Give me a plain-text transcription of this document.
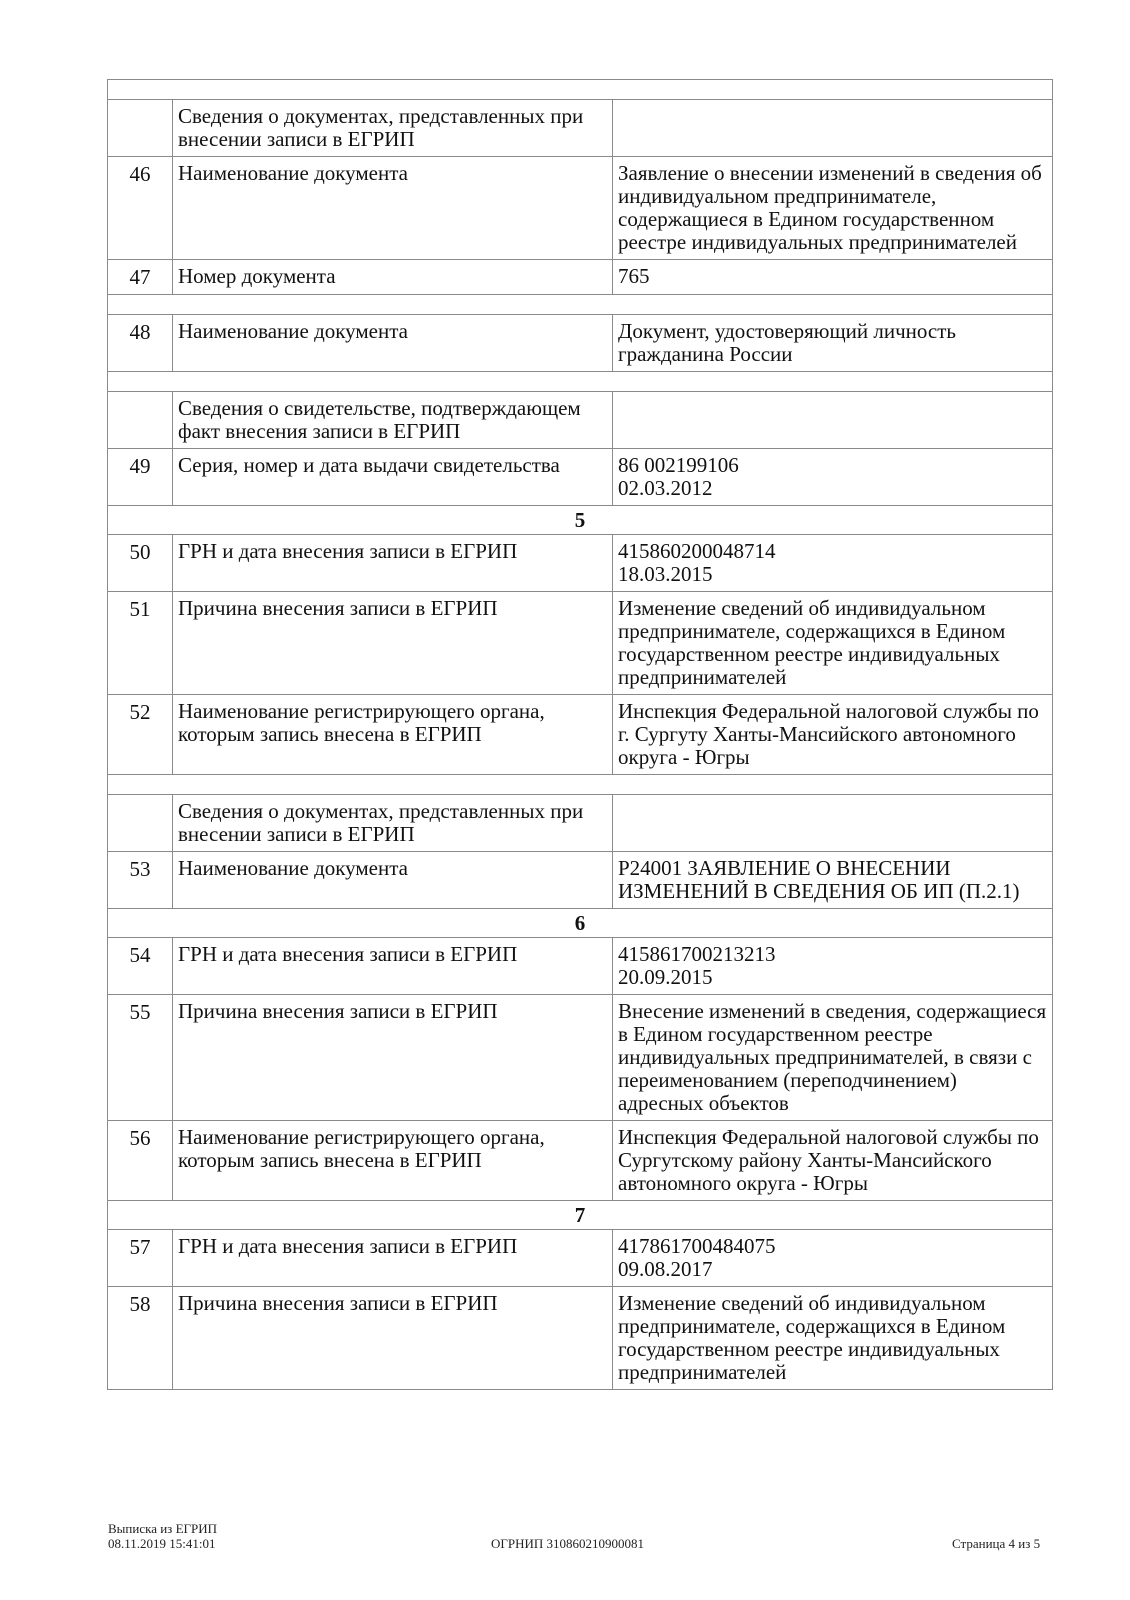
	Сведения о документах, представленных при внесении записи в ЕГРИП	
46	Наименование документа	Заявление о внесении изменений в сведения об индивидуальном предпринимателе, содержащиеся в Едином государственном реестре индивидуальных предпринимателей

47	Номер документа	765

48	Наименование документа	Документ, удостоверяющий личность гражданина России

	Сведения о свидетельстве, подтверждающем факт внесения записи в ЕГРИП	
49	Серия, номер и дата выдачи свидетельства	86 002199106
02.03.2012

5		
50	ГРН и дата внесения записи в ЕГРИП	415860200048714
18.03.2015

51	Причина внесения записи в ЕГРИП	Изменение сведений об индивидуальном предпринимателе, содержащихся в Едином государственном реестре индивидуальных предпринимателей

52	Наименование регистрирующего органа, которым запись внесена в ЕГРИП	Инспекция Федеральной налоговой службы по г. Сургуту Ханты-Мансийского автономного округа - Югры

	Сведения о документах, представленных при внесении записи в ЕГРИП	
53	Наименование документа	Р24001 ЗАЯВЛЕНИЕ О ВНЕСЕНИИ ИЗМЕНЕНИЙ В СВЕДЕНИЯ ОБ ИП (П.2.1)

6		
54	ГРН и дата внесения записи в ЕГРИП	415861700213213
20.09.2015

55	Причина внесения записи в ЕГРИП	Внесение изменений в сведения, содержащиеся в Едином государственном реестре индивидуальных предпринимателей, в связи с переименованием (переподчинением) адресных объектов

56	Наименование регистрирующего органа, которым запись внесена в ЕГРИП	Инспекция Федеральной налоговой службы по Сургутскому району Ханты-Мансийского автономного округа - Югры

7		
57	ГРН и дата внесения записи в ЕГРИП	417861700484075
09.08.2017

58	Причина внесения записи в ЕГРИП	Изменение сведений об индивидуальном предпринимателе, содержащихся в Едином государственном реестре индивидуальных предпринимателей
Выписка из ЕГРИП
08.11.2019 15:41:01	ОГРНИП 310860210900081	Страница 4 из 5
